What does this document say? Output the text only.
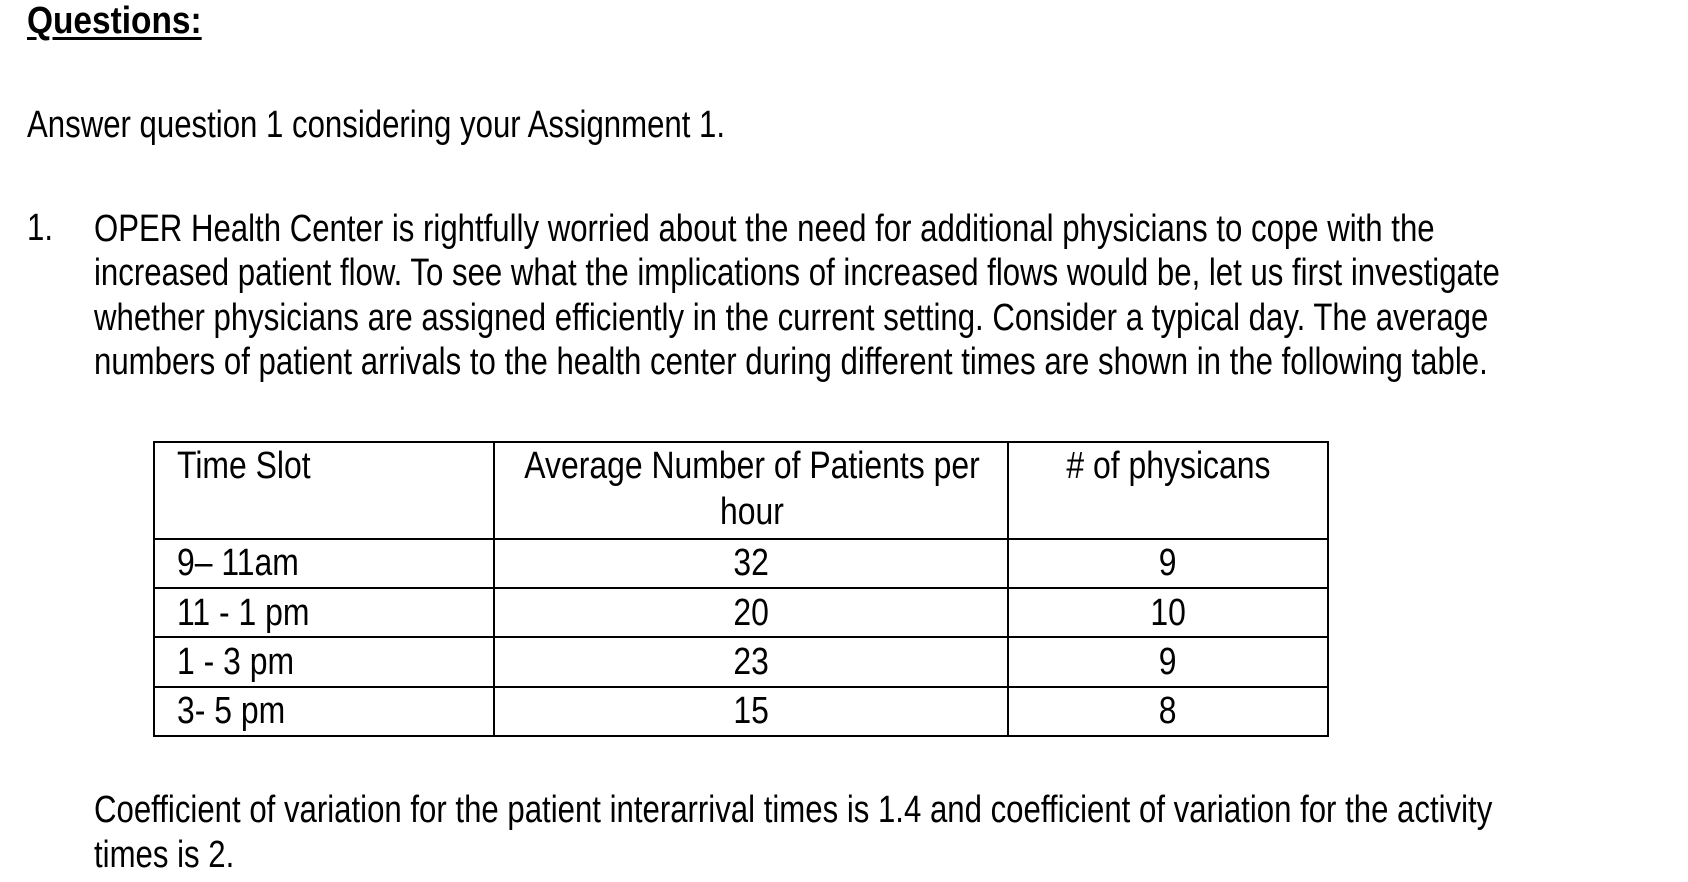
Questions:
Answer question 1 considering your Assignment 1.
1. OPER Health Center is rightfully worried about the need for additional physicians to cope with the
increased patient flow. To see what the implications of increased flows would be, let us first investigate
whether physicians are assigned efficiently in the current setting. Consider a typical day. The average
numbers of patient arrivals to the health center during different times are shown in the following table.
Time Slot	Average Number of Patients per hour	# of physicans
9– 11am	32	9
11 - 1 pm	20	10
1 - 3 pm	23	9
3- 5 pm	15	8
Coefficient of variation for the patient interarrival times is 1.4 and coefficient of variation for the activity
times is 2.
